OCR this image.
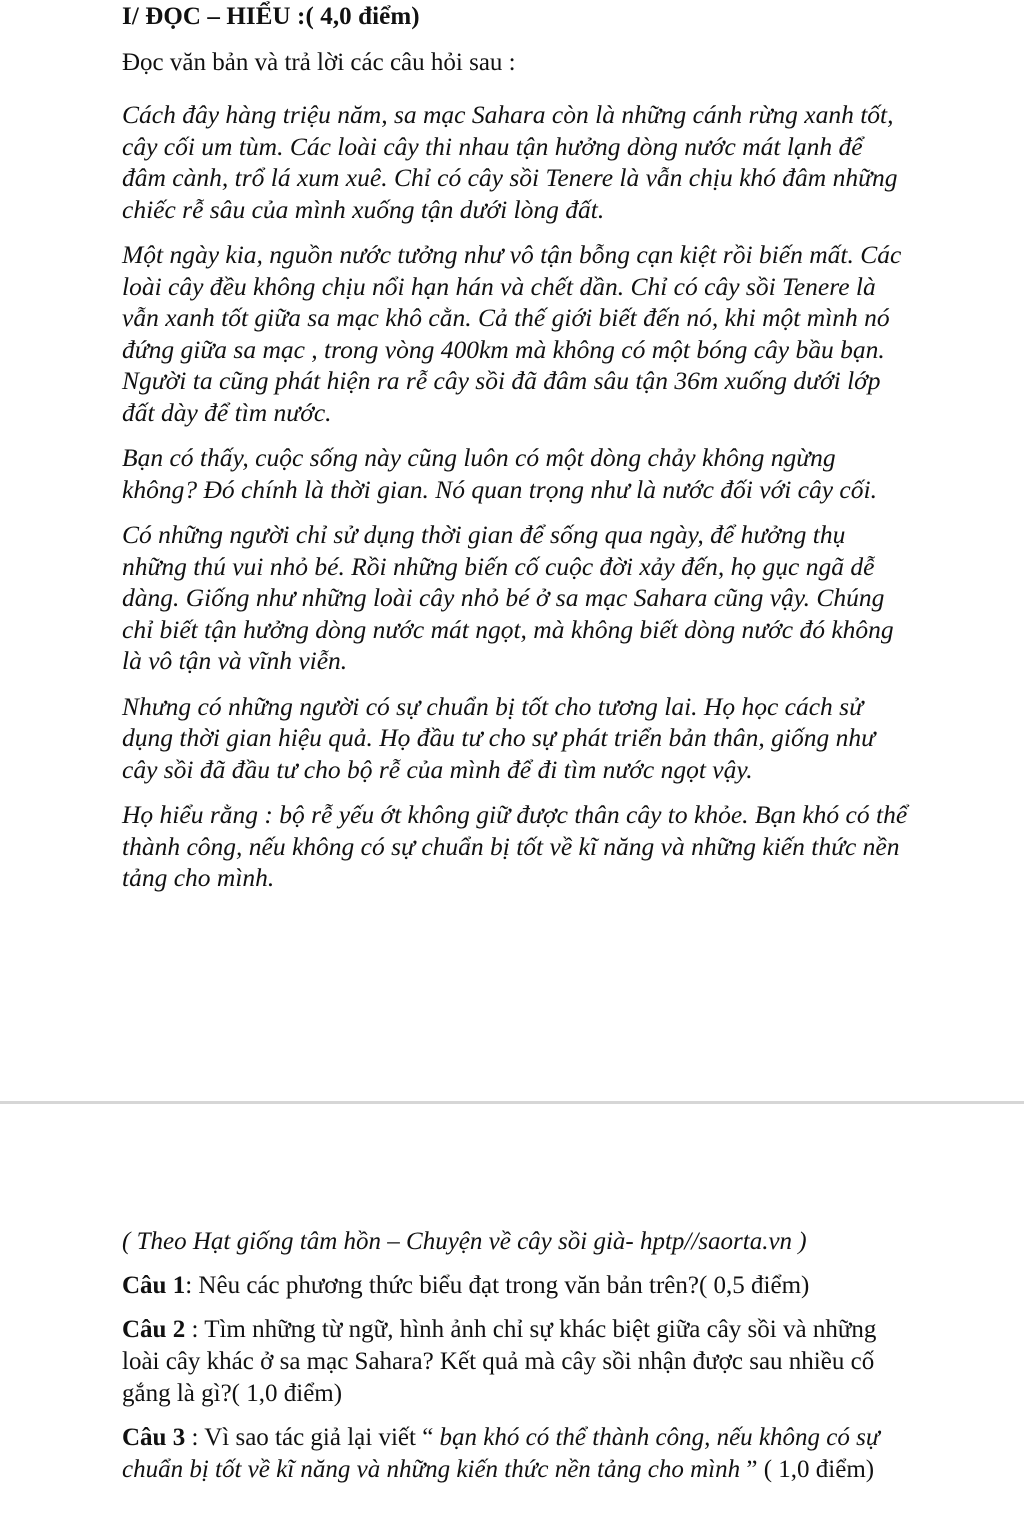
I/ ĐỌC – HIỂU :( 4,0 điểm)
Đọc văn bản và trả lời các câu hỏi sau :

Cách đây hàng triệu năm, sa mạc Sahara còn là những cánh rừng xanh tốt, cây cối um tùm. Các loài cây thi nhau tận hưởng dòng nước mát lạnh để đâm cành, trổ lá xum xuê. Chỉ có cây sồi Tenere là vẫn chịu khó đâm những chiếc rễ sâu của mình xuống tận dưới lòng đất.

Một ngày kia, nguồn nước tưởng như vô tận bỗng cạn kiệt rồi biến mất. Các loài cây đều không chịu nổi hạn hán và chết dần. Chỉ có cây sồi Tenere là vẫn xanh tốt giữa sa mạc khô cằn. Cả thế giới biết đến nó, khi một mình nó đứng giữa sa mạc , trong vòng 400km mà không có một bóng cây bầu bạn. Người ta cũng phát hiện ra rễ cây sồi đã đâm sâu tận 36m xuống dưới lớp đất dày để tìm nước.

Bạn có thấy, cuộc sống này cũng luôn có một dòng chảy không ngừng không? Đó chính là thời gian. Nó quan trọng như là nước đối với cây cối.

Có những người chỉ sử dụng thời gian để sống qua ngày, để hưởng thụ những thú vui nhỏ bé. Rồi những biến cố cuộc đời xảy đến, họ gục ngã dễ dàng. Giống như những loài cây nhỏ bé ở sa mạc Sahara cũng vậy. Chúng chỉ biết tận hưởng dòng nước mát ngọt, mà không biết dòng nước đó không là vô tận và vĩnh viễn.

Nhưng có những người có sự chuẩn bị tốt cho tương lai. Họ học cách sử dụng thời gian hiệu quả. Họ đầu tư cho sự phát triển bản thân, giống như cây sồi đã đầu tư cho bộ rễ của mình để đi tìm nước ngọt vậy.

Họ hiểu rằng : bộ rễ yếu ớt không giữ được thân cây to khỏe. Bạn khó có thể thành công, nếu không có sự chuẩn bị tốt về kĩ năng và những kiến thức nền tảng cho mình.

( Theo Hạt giống tâm hồn – Chuyện về cây sồi già- hptp//saorta.vn )

Câu 1: Nêu các phương thức biểu đạt trong văn bản trên?( 0,5 điểm)

Câu 2 : Tìm những từ ngữ, hình ảnh chỉ sự khác biệt giữa cây sồi và những loài cây khác ở sa mạc Sahara? Kết quả mà cây sồi nhận được sau nhiều cố gắng là gì?( 1,0 điểm)

Câu 3 : Vì sao tác giả lại viết “ bạn khó có thể thành công, nếu không có sự chuẩn bị tốt về kĩ năng và những kiến thức nền tảng cho mình ” ( 1,0 điểm)
